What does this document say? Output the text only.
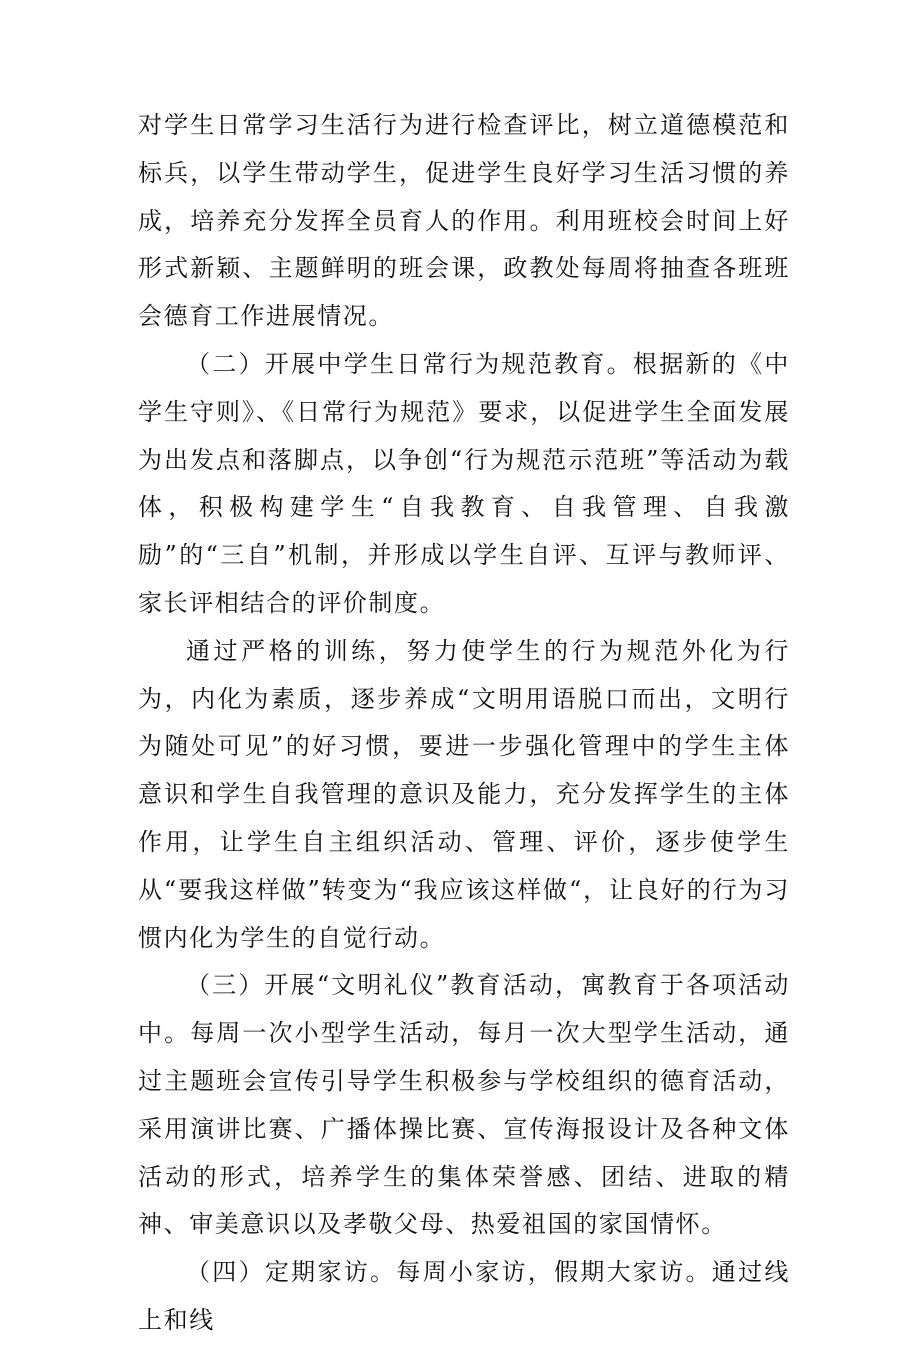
对学生日常学习生活行为进行检查评比，树立道德模范和标兵，以学生带动学生，促进学生良好学习生活习惯的养成，培养充分发挥全员育人的作用。利用班校会时间上好形式新颖、主题鲜明的班会课，政教处每周将抽查各班班会德育工作进展情况。

（二）开展中学生日常行为规范教育。根据新的《中学生守则》、《日常行为规范》要求，以促进学生全面发展为出发点和落脚点，以争创“行为规范示范班”等活动为载体，积极构建学生“自我教育、自我管理、自我激励”的“三自”机制，并形成以学生自评、互评与教师评、家长评相结合的评价制度。

通过严格的训练，努力使学生的行为规范外化为行为，内化为素质，逐步养成“文明用语脱口而出，文明行为随处可见”的好习惯，要进一步强化管理中的学生主体意识和学生自我管理的意识及能力，充分发挥学生的主体作用，让学生自主组织活动、管理、评价，逐步使学生从“要我这样做”转变为“我应该这样做“，让良好的行为习惯内化为学生的自觉行动。

（三）开展“文明礼仪”教育活动，寓教育于各项活动中。每周一次小型学生活动，每月一次大型学生活动，通过主题班会宣传引导学生积极参与学校组织的德育活动，采用演讲比赛、广播体操比赛、宣传海报设计及各种文体活动的形式，培养学生的集体荣誉感、团结、进取的精神、审美意识以及孝敬父母、热爱祖国的家国情怀。

（四）定期家访。每周小家访，假期大家访。通过线上和线
